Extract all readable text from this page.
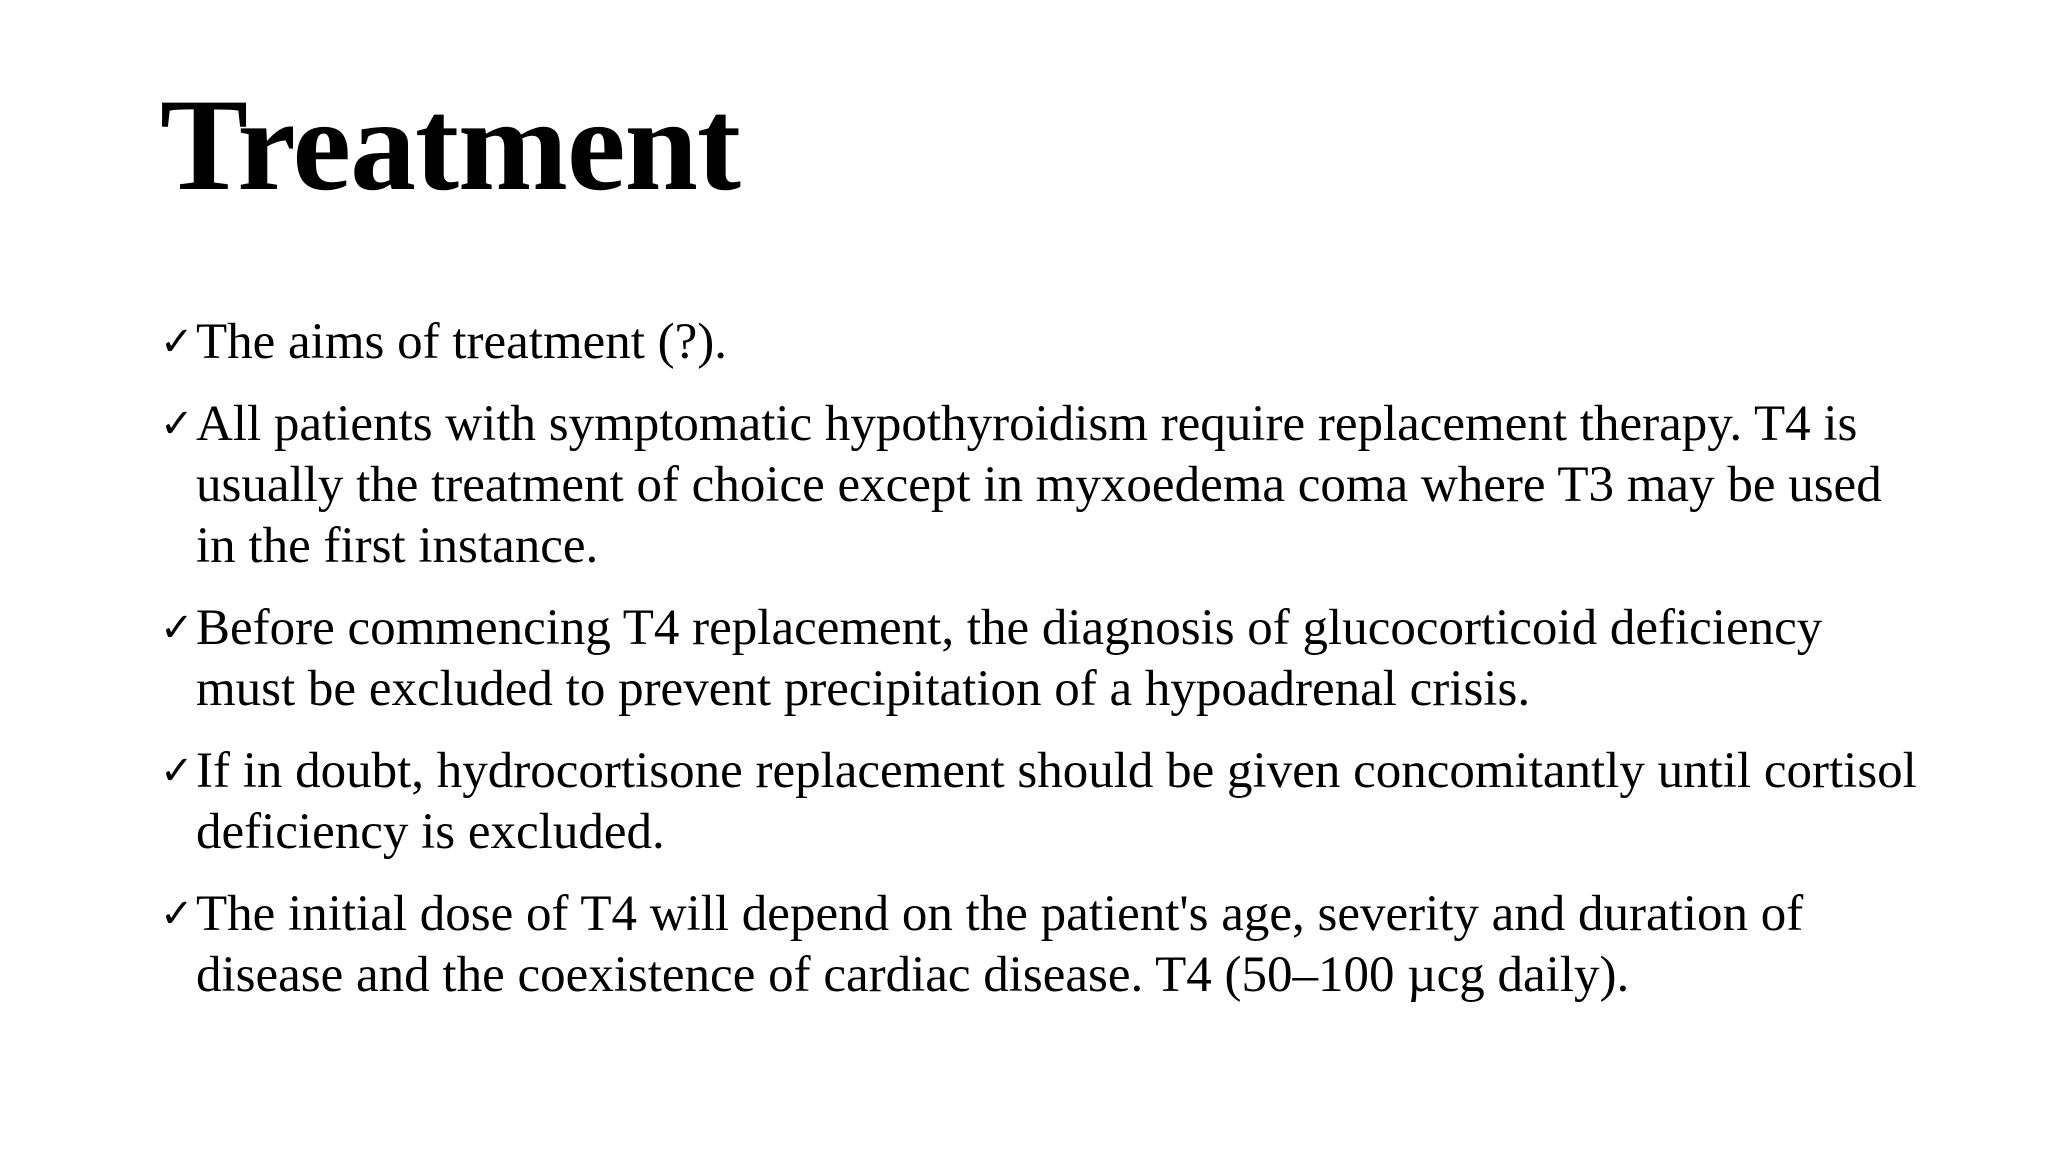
Treatment
✓ The aims of treatment (?).
✓ All patients with symptomatic hypothyroidism require replacement therapy. T4 is usually the treatment of choice except in myxoedema coma where T3 may be used in the first instance.
✓ Before commencing T4 replacement, the diagnosis of glucocorticoid deficiency must be excluded to prevent precipitation of a hypoadrenal crisis.
✓ If in doubt, hydrocortisone replacement should be given concomitantly until cortisol deficiency is excluded.
✓ The initial dose of T4 will depend on the patient's age, severity and duration of disease and the coexistence of cardiac disease. T4 (50–100 µcg daily).
